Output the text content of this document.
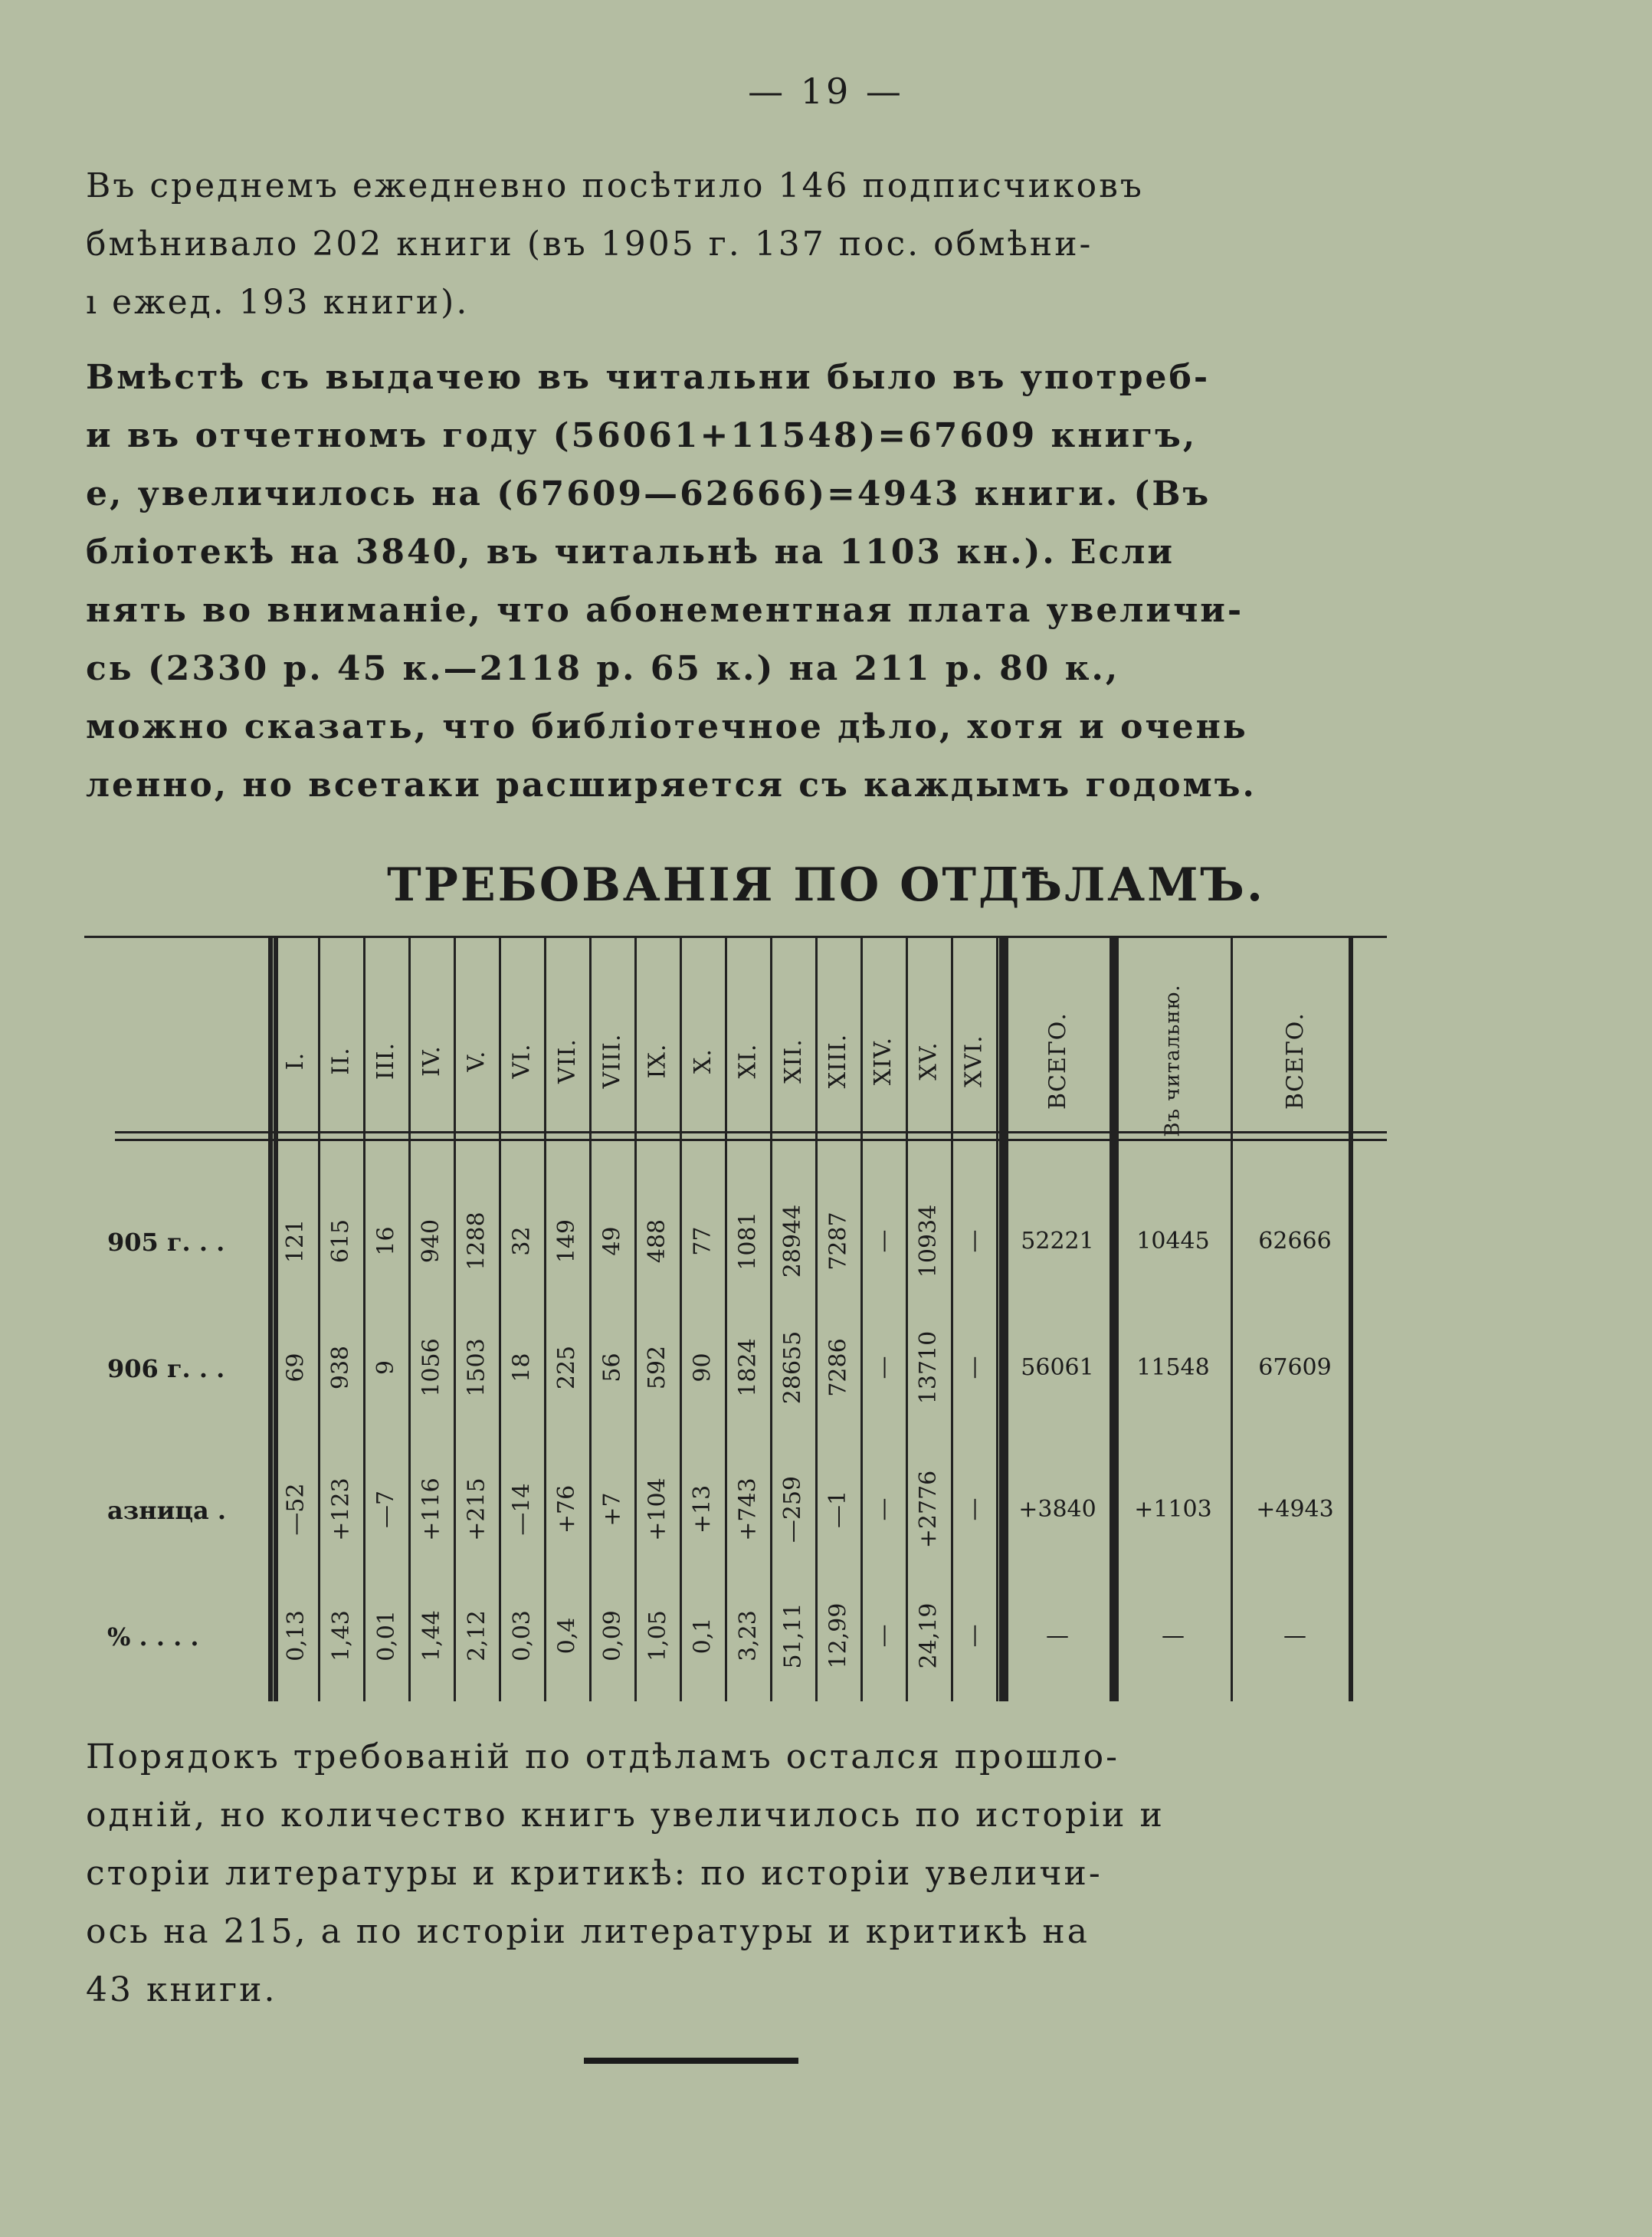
— 19 —
Въ среднемъ ежедневно посѣтило 146 подписчиковъ
бмѣнивало 202 книги (въ 1905 г. 137 пос. обмѣни-
ı ежед. 193 книги).
Вмѣстѣ съ выдачею въ читальни было въ употреб-
и въ отчетномъ году (56061+11548)=67609 книгъ,
е, увеличилось на (67609—62666)=4943 книги. (Въ
бліотекѣ на 3840, въ читальнѣ на 1103 кн.). Если
нять во вниманіе, что абонементная плата увеличи-
сь (2330 р. 45 к.—2118 р. 65 к.) на 211 р. 80 к.,
можно сказать, что библіотечное дѣло, хотя и очень
ленно, но всетаки расширяется съ каждымъ годомъ.
ТРЕБОВАНІЯ ПО ОТДѢЛАМЪ.
I. II. III. IV. V. VI. VII. VIII. IX. X. XI. XII. XIII. XIV. XV. XVI. ВСЕГО.	Въ читальню.	ВСЕГО.
905 г. . .	121 615 16 940 1288 32 149 49 488 77 1081 28944 7287 — 10934 —	52221	10445	62666
906 г. . .	69 938 9 1056 1503 18 225 56 592 90 1824 28655 7286 — 13710 —	56061	11548	67609
азница . —52 +123 —7 +116 +215 —14 +76 +7 +104 +13 +743 —259 —1 — +2776 —	+3840	+1103	+4943
% . . . .	0,13 1,43 0,01 1,44 2,12 0,03 0,4 0,09 1,05 0,1 3,23 51,11 12,99 — 24,19 —	—	—	—
Порядокъ требованій по отдѣламъ остался прошло-
однiй, но количество книгъ увеличилось по исторіи и
сторіи литературы и критикѣ: по исторіи увеличи-
ось на 215, а по исторіи литературы и критикѣ на
43 книги.
